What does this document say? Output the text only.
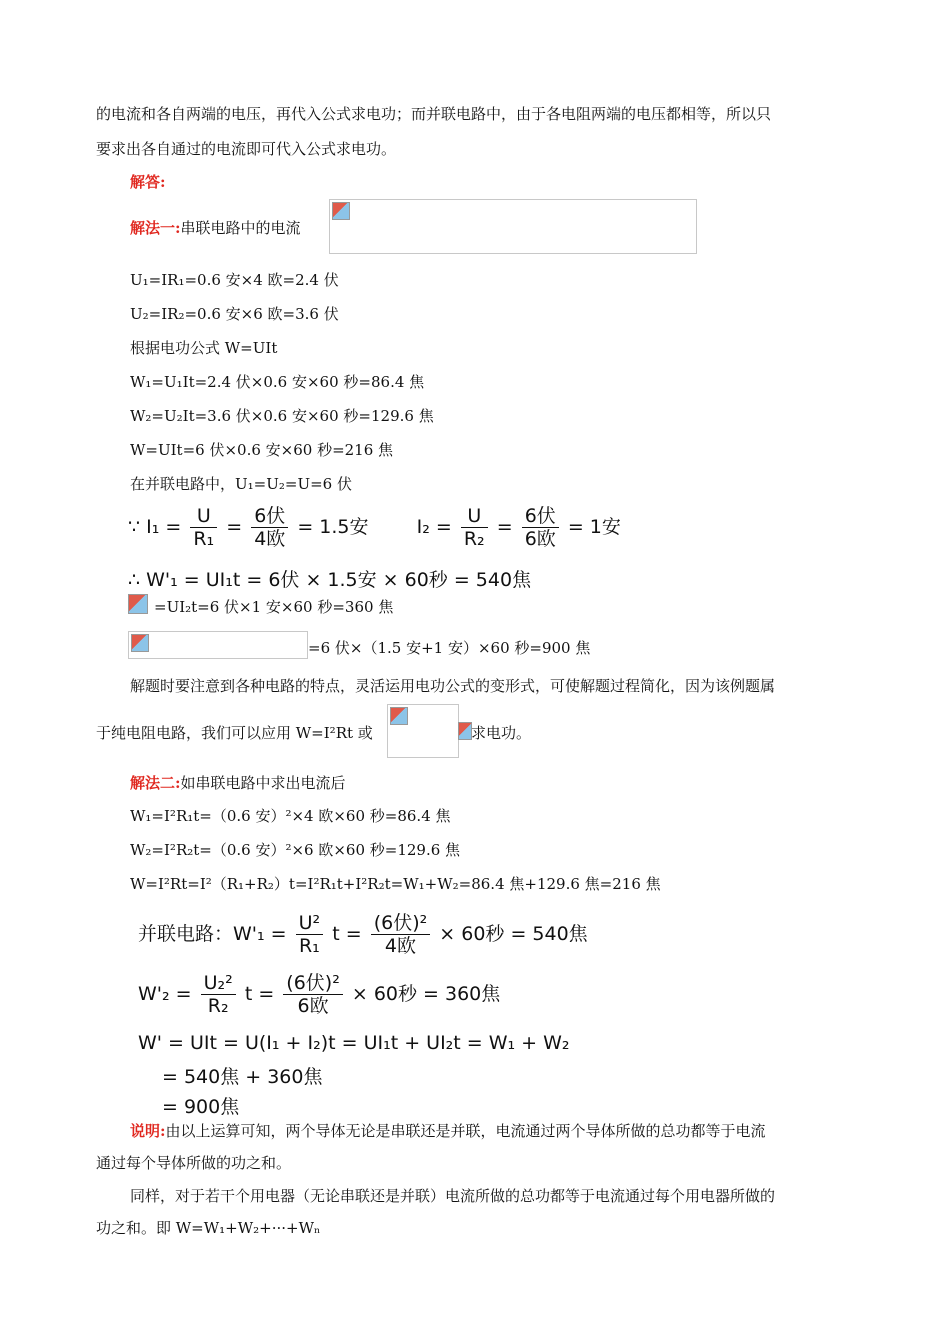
的电流和各自两端的电压，再代入公式求电功；而并联电路中，由于各电阻两端的电压都相等，所以只
要求出各自通过的电流即可代入公式求电功。
解答:
解法一:串联电路中的电流
U₁=IR₁=0.6 安×4 欧=2.4 伏
U₂=IR₂=0.6 安×6 欧=3.6 伏
根据电功公式 W=UIt
W₁=U₁It=2.4 伏×0.6 安×60 秒=86.4 焦
W₂=U₂It=3.6 伏×0.6 安×60 秒=129.6 焦
W=UIt=6 伏×0.6 安×60 秒=216 焦
在并联电路中，U₁=U₂=U=6 伏
∵ $I_1 = \frac{U}{\text{R₁}} = \frac{\text{6伏}}{\text{4欧}} = 1.5$安	$I_2 = \frac{U}{\text{R₂}} = \frac{\text{6伏}}{\text{6欧}} = 1$安
∴ W'₁ = UI₁t = 6伏 × 1.5安 × 60秒 = 540焦
=UI₂t=6 伏×1 安×60 秒=360 焦
=6 伏×（1.5 安+1 安）×60 秒=900 焦
解题时要注意到各种电路的特点，灵活运用电功公式的变形式，可使解题过程简化，因为该例题属
于纯电阻电路，我们可以应用 W=I²Rt 或	求电功。
解法二:如串联电路中求出电流后
W₁=I²R₁t=（0.6 安）²×4 欧×60 秒=86.4 焦
W₂=I²R₂t=（0.6 安）²×6 欧×60 秒=129.6 焦
W=I²Rt=I²（R₁+R₂）t=I²R₁t+I²R₂t=W₁+W₂=86.4 焦+129.6 焦=216 焦
并联电路：$W'_1 = \frac{\text{U²}}{\text{R₁}}$ $t = \frac{\text{(6伏)²}}{\text{4欧}} \times 60$秒 = 540焦
$W'_2 = \frac{\text{U₂²}}{\text{R₂}}$ $t = \frac{\text{(6伏)²}}{\text{6欧}} \times 60$秒 = 360焦
W' = UIt = U(I₁ + I₂)t = UI₁t + UI₂t = W₁ + W₂
= 540焦 + 360焦
= 900焦
说明:由以上运算可知，两个导体无论是串联还是并联，电流通过两个导体所做的总功都等于电流
通过每个导体所做的功之和。
同样，对于若干个用电器（无论串联还是并联）电流所做的总功都等于电流通过每个用电器所做的
功之和。即 W=W₁+W₂+···+Wₙ
